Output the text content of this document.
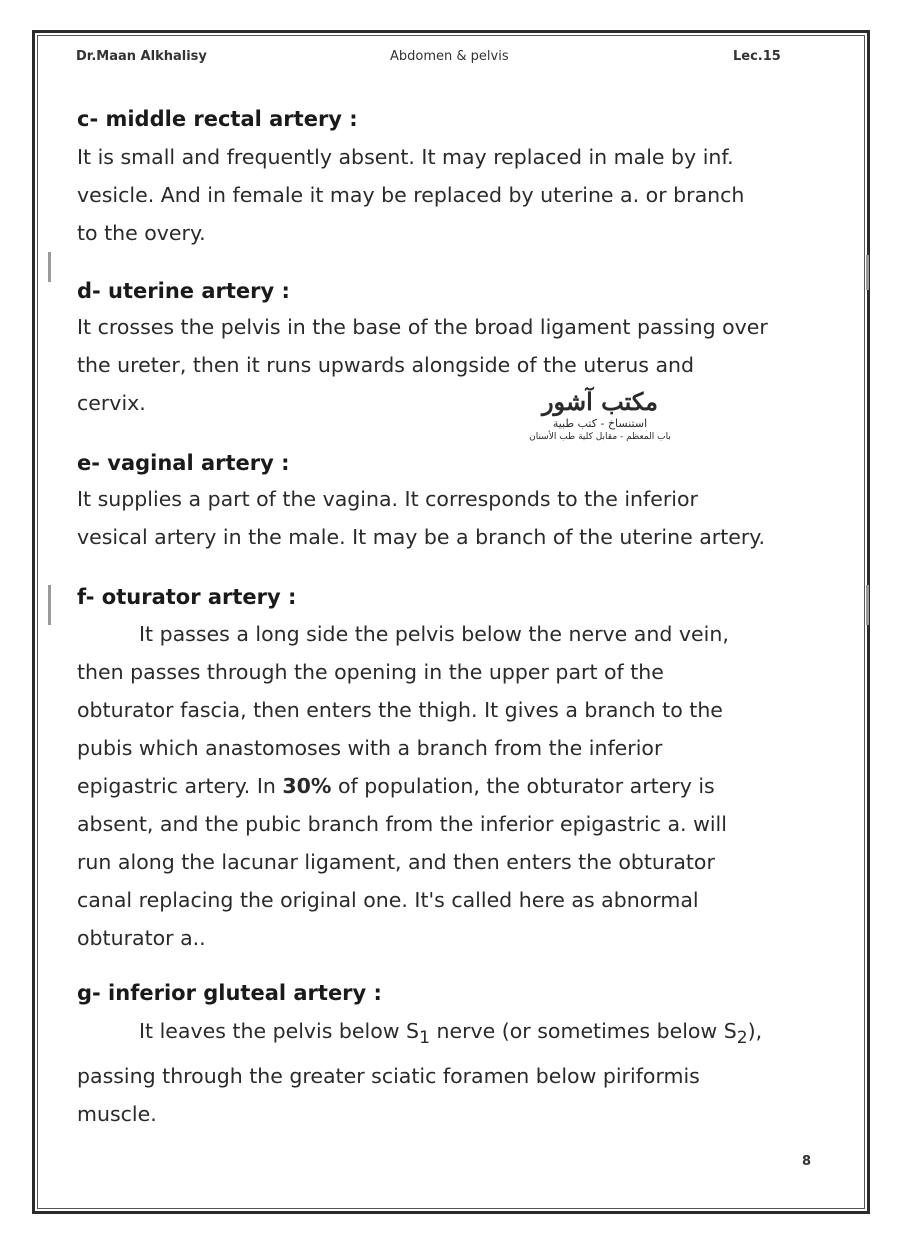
Dr.Maan Alkhalisy	Abdomen & pelvis	Lec.15
c- middle rectal artery :

It is small and frequently absent. It may replaced in male by inf.
vesicle. And in female it may be replaced by uterine a. or branch
to the overy.

d- uterine artery :

It crosses the pelvis in the base of the broad ligament passing over
the ureter, then it runs upwards alongside of the uterus and
cervix.	مكتب آشور
استنساخ - كتب طبية
باب المعظم - مقابل كلية طب الأسنان
e- vaginal artery :

It supplies a part of the vagina. It corresponds to the inferior
vesical artery in the male. It may be a branch of the uterine artery.

f- oturator artery :

It passes a long side the pelvis below the nerve and vein,
then passes through the opening in the upper part of the
obturator fascia, then enters the thigh. It gives a branch to the
pubis which anastomoses with a branch from the inferior
epigastric artery. In 30% of population, the obturator artery is
absent, and the pubic branch from the inferior epigastric a. will
run along the lacunar ligament, and then enters the obturator
canal replacing the original one. It's called here as abnormal
obturator a..

g- inferior gluteal artery :

It leaves the pelvis below $S_1$ nerve (or sometimes below $S_2$),
passing through the greater sciatic foramen below piriformis
muscle.

8
